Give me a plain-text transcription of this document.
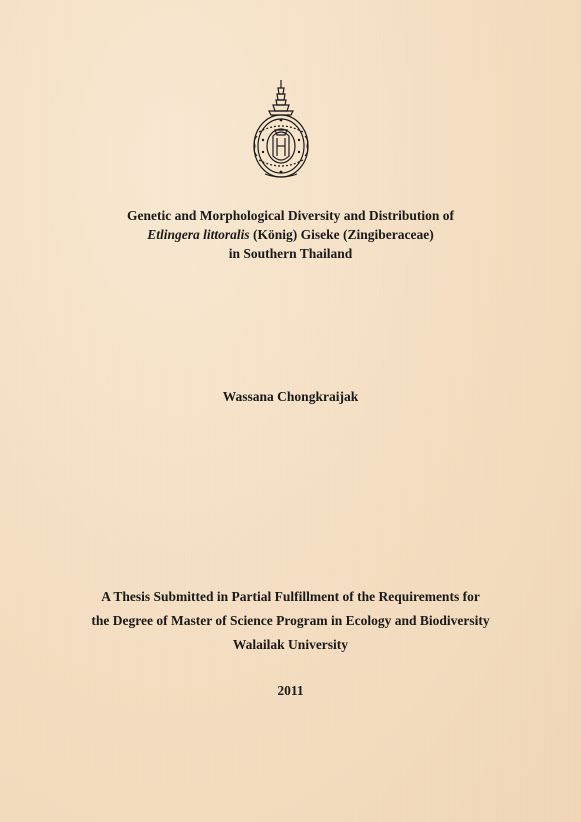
Genetic and Morphological Diversity and Distribution of
Etlingera littoralis (König) Giseke (Zingiberaceae)
in Southern Thailand
Wassana Chongkraijak
A Thesis Submitted in Partial Fulfillment of the Requirements for
the Degree of Master of Science Program in Ecology and Biodiversity
Walailak University
2011
